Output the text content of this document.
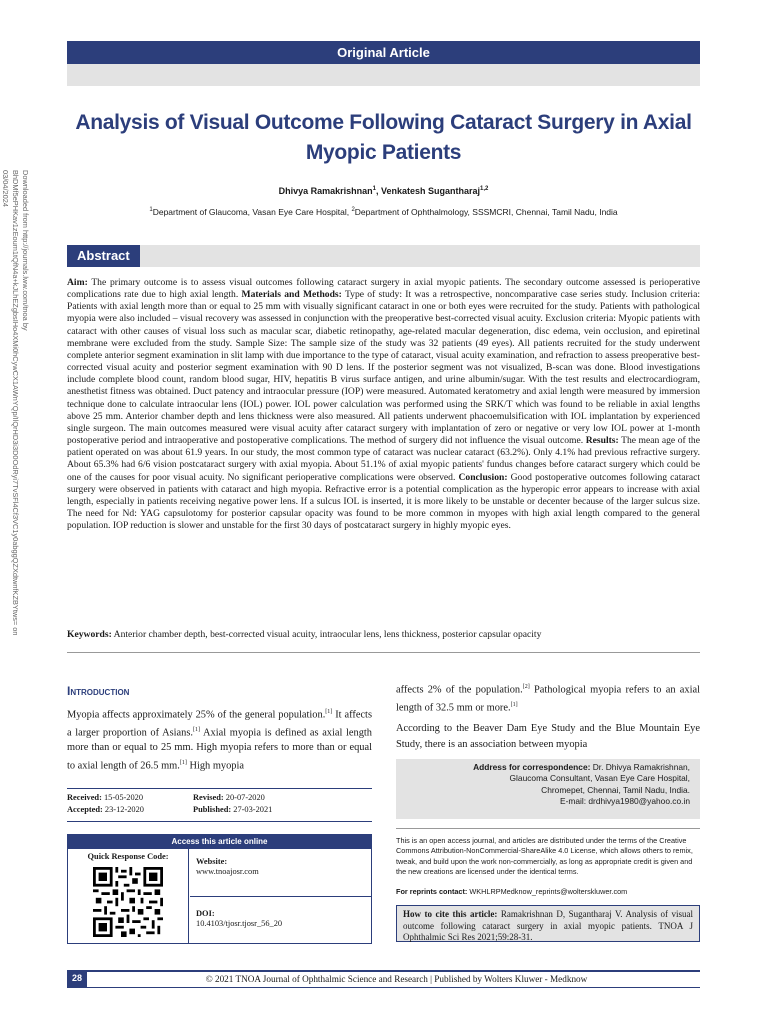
Original Article
Downloaded from http://journals.lww.com/tnoa by BhDMf5ePHKav1zEoum1tQfN4a+kJLhEZgbsIHo4XMi0hCywCX1AWnYQp/IlQrHD3i3D0OdRyi7TvSFl4Cf3VC1y0abggQZXdtwnfKZBYtws= on 03/04/2024
Analysis of Visual Outcome Following Cataract Surgery in Axial Myopic Patients
Dhivya Ramakrishnan$^1$, Venkatesh Sugantharaj$^{1,2}$
$^1$Department of Glaucoma, Vasan Eye Care Hospital, $^2$Department of Ophthalmology, SSSMCRI, Chennai, Tamil Nadu, India
Abstract
Aim: The primary outcome is to assess visual outcomes following cataract surgery in axial myopic patients. The secondary outcome assessed is perioperative complications rate due to high axial length. Materials and Methods: Type of study: It was a retrospective, noncomparative case series study. Inclusion criteria: Patients with axial length more than or equal to 25 mm with visually significant cataract in one or both eyes were recruited for the study. Patients with pathological myopia were also included – visual recovery was assessed in conjunction with the preoperative best-corrected visual acuity. Exclusion criteria: Myopic patients with cataract with other causes of visual loss such as macular scar, diabetic retinopathy, age-related macular degeneration, disc edema, vein occlusion, and epiretinal membrane were excluded from the study. Sample Size: The sample size of the study was 32 patients (49 eyes). All patients recruited for the study underwent complete anterior segment examination in slit lamp with due importance to the type of cataract, visual acuity examination, and refraction to assess preoperative best-corrected visual acuity and posterior segment examination with 90 D lens. If the posterior segment was not visualized, B-scan was done. Blood investigations include complete blood count, random blood sugar, HIV, hepatitis B virus surface antigen, and urine albumin/sugar. With the test results and electrocardiogram, anesthetist fitness was obtained. Duct patency and intraocular pressure (IOP) were measured. Automated keratometry and axial length were measured by immersion technique done to calculate intraocular lens (IOL) power. IOL power calculation was performed using the SRK/T which was found to be reliable in axial lengths above 25 mm. Anterior chamber depth and lens thickness were also measured. All patients underwent phacoemulsification with IOL implantation by experienced single surgeon. The main outcomes measured were visual acuity after cataract surgery with implantation of zero or negative or very low IOL power at 1-month postoperative period and intraoperative and postoperative complications. The method of surgery did not influence the visual outcome. Results: The mean age of the patient operated on was about 61.9 years. In our study, the most common type of cataract was nuclear cataract (63.2%). Only 4.1% had previous refractive surgery. About 65.3% had 6/6 vision postcataract surgery with axial myopia. About 51.1% of axial myopic patients' fundus changes before cataract surgery which could be one of the causes for poor visual acuity. No significant perioperative complications were observed. Conclusion: Good postoperative outcomes following cataract surgery were observed in patients with cataract and high myopia. Refractive error is a potential complication as the hyperopic error appears to increase with axial length, especially in patients receiving negative power lens. If a sulcus IOL is inserted, it is more likely to be unstable or decenter because of the larger sulcus size. The need for Nd: YAG capsulotomy for posterior capsular opacity was found to be more common in myopes with high axial length compared to the general population. IOP reduction is slower and unstable for the first 30 days of postcataract surgery in highly myopic eyes.
Keywords: Anterior chamber depth, best-corrected visual acuity, intraocular lens, lens thickness, posterior capsular opacity
Introduction
Myopia affects approximately 25% of the general population.[1] It affects a larger proportion of Asians.[1] Axial myopia is defined as axial length more than or equal to 25 mm. High myopia refers to more than or equal to axial length of 26.5 mm.[1] High myopia

affects 2% of the population.[2] Pathological myopia refers to an axial length of 32.5 mm or more.[1]

According to the Beaver Dam Eye Study and the Blue Mountain Eye Study, there is an association between myopia

Address for correspondence: Dr. Dhivya Ramakrishnan,
Glaucoma Consultant, Vasan Eye Care Hospital,
Chromepet, Chennai, Tamil Nadu, India.
E-mail: drdhivya1980@yahoo.co.in
Received: 15-05-2020	Revised: 20-07-2020
Accepted: 23-12-2020	Published: 27-03-2021
Access this article online
Quick Response Code:
Website:
www.tnoajosr.com
DOI:
10.4103/tjosr.tjosr_56_20
This is an open access journal, and articles are distributed under the terms of the Creative Commons Attribution-NonCommercial-ShareAlike 4.0 License, which allows others to remix, tweak, and build upon the work non-commercially, as long as appropriate credit is given and the new creations are licensed under the identical terms.
For reprints contact: WKHLRPMedknow_reprints@wolterskluwer.com
How to cite this article: Ramakrishnan D, Sugantharaj V. Analysis of visual outcome following cataract surgery in axial myopic patients. TNOA J Ophthalmic Sci Res 2021;59:28-31.
28	© 2021 TNOA Journal of Ophthalmic Science and Research | Published by Wolters Kluwer - Medknow
